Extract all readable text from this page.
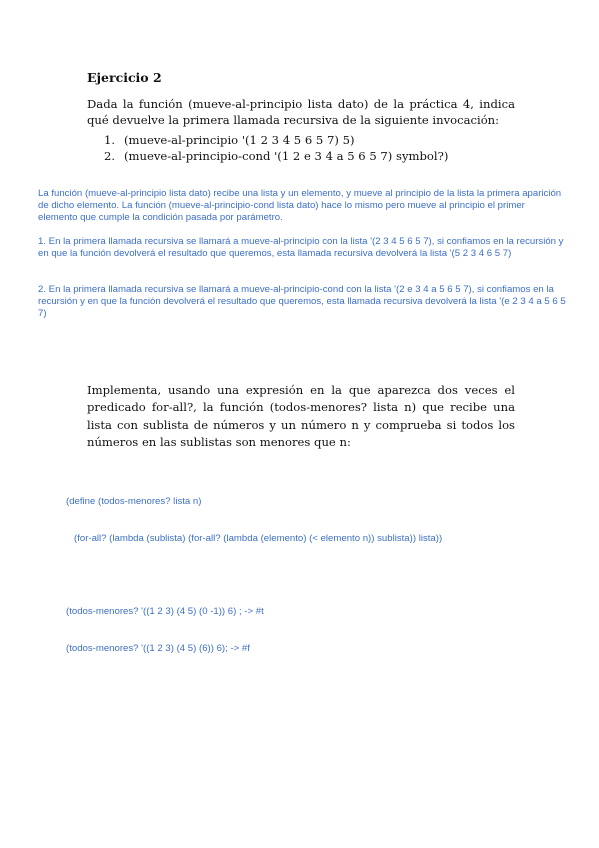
Ejercicio 2
Dada la función (mueve-al-principio lista dato) de la práctica 4, indica qué devuelve la primera llamada recursiva de la siguiente invocación:
1. (mueve-al-principio '(1 2 3 4 5 6 5 7) 5)
2. (mueve-al-principio-cond '(1 2 e 3 4 a 5 6 5 7) symbol?)
La función (mueve-al-principio lista dato) recibe una lista y un elemento, y mueve al principio de la lista la primera aparición de dicho elemento. La función (mueve-al-principio-cond lista dato) hace lo mismo pero mueve al principio el primer elemento que cumple la condición pasada por parámetro.
1. En la primera llamada recursiva se llamará a mueve-al-principio con la lista '(2 3 4 5 6 5 7), si confiamos en la recursión y en que la función devolverá el resultado que queremos, esta llamada recursiva devolverá la lista '(5 2 3 4 6 5 7)
2. En la primera llamada recursiva se llamará a mueve-al-principio-cond con la lista '(2 e 3 4 a 5 6 5 7), si confiamos en la recursión y en que la función devolverá el resultado que queremos, esta llamada recursiva devolverá la lista '(e 2 3 4 a 5 6 5 7)
Implementa, usando una expresión en la que aparezca dos veces el predicado for-all?, la función (todos-menores? lista n) que recibe una lista con sublista de números y un número n y comprueba si todos los números en las sublistas son menores que n:

(define (todos-menores? lista n)

(for-all? (lambda (sublista) (for-all? (lambda (elemento) (< elemento n)) sublista)) lista))

(todos-menores? '((1 2 3) (4 5) (0 -1)) 6) ; -> #t

(todos-menores? '((1 2 3) (4 5) (6)) 6); -> #f
